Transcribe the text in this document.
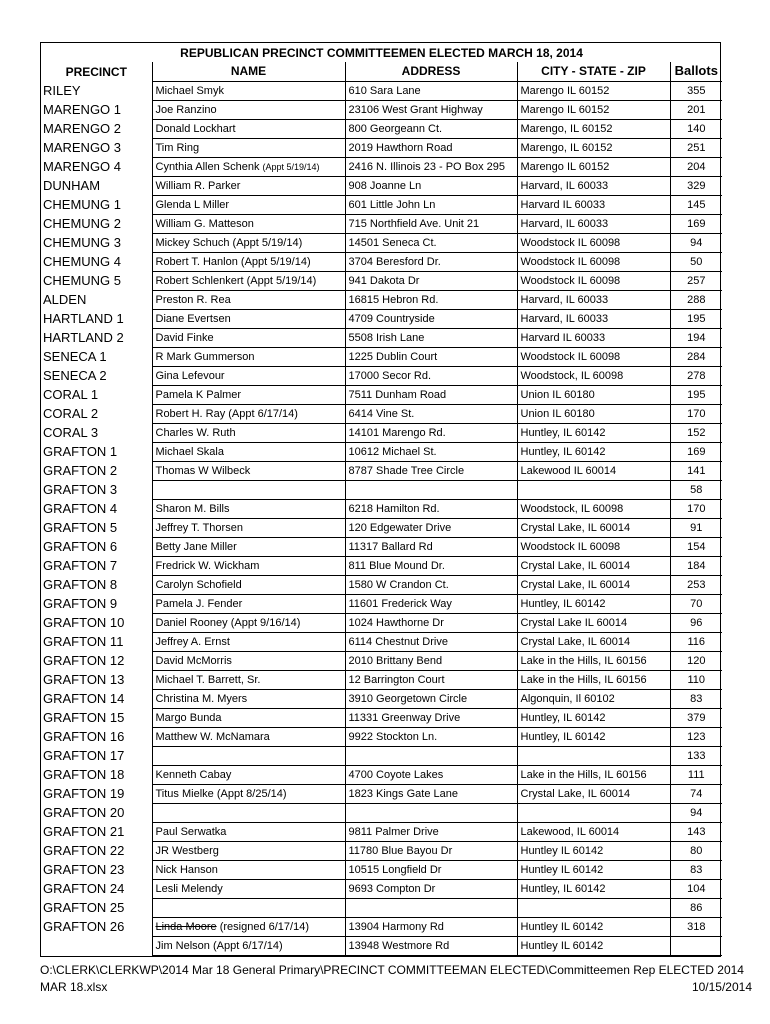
REPUBLICAN PRECINCT COMMITTEEMEN ELECTED MARCH 18, 2014				
PRECINCT	NAME	ADDRESS	CITY - STATE - ZIP	Ballots
RILEY	Michael Smyk	610 Sara Lane	Marengo IL 60152	355
MARENGO 1	Joe Ranzino	23106 West Grant Highway	Marengo IL 60152	201
MARENGO 2	Donald Lockhart	800 Georgeann Ct.	Marengo, IL 60152	140
MARENGO 3	Tim Ring	2019 Hawthorn Road	Marengo, IL 60152	251
MARENGO 4	Cynthia Allen Schenk (Appt 5/19/14)	2416 N. Illinois 23 - PO Box 295	Marengo IL 60152	204
DUNHAM	William R. Parker	908 Joanne Ln	Harvard, IL 60033	329
CHEMUNG 1	Glenda L Miller	601 Little John Ln	Harvard IL 60033	145
CHEMUNG 2	William G. Matteson	715 Northfield Ave. Unit 21	Harvard, IL 60033	169
CHEMUNG 3	Mickey Schuch (Appt 5/19/14)	14501 Seneca Ct.	Woodstock IL 60098	94
CHEMUNG 4	Robert T. Hanlon (Appt 5/19/14)	3704 Beresford Dr.	Woodstock IL 60098	50
CHEMUNG 5	Robert Schlenkert (Appt 5/19/14)	941 Dakota Dr	Woodstock IL 60098	257
ALDEN	Preston R. Rea	16815 Hebron Rd.	Harvard, IL 60033	288
HARTLAND 1	Diane Evertsen	4709 Countryside	Harvard, IL 60033	195
HARTLAND 2	David Finke	5508 Irish Lane	Harvard IL 60033	194
SENECA 1	R Mark Gummerson	1225 Dublin Court	Woodstock IL 60098	284
SENECA 2	Gina Lefevour	17000 Secor Rd.	Woodstock, IL 60098	278
CORAL 1	Pamela K Palmer	7511 Dunham Road	Union IL 60180	195
CORAL 2	Robert H. Ray (Appt 6/17/14)	6414 Vine St.	Union IL 60180	170
CORAL 3	Charles W. Ruth	14101 Marengo Rd.	Huntley, IL 60142	152
GRAFTON 1	Michael Skala	10612 Michael St.	Huntley, IL 60142	169
GRAFTON 2	Thomas W Wilbeck	8787 Shade Tree Circle	Lakewood IL 60014	141
GRAFTON 3				58
GRAFTON 4	Sharon M. Bills	6218 Hamilton Rd.	Woodstock, IL 60098	170
GRAFTON 5	Jeffrey T. Thorsen	120 Edgewater Drive	Crystal Lake, IL 60014	91
GRAFTON 6	Betty Jane Miller	11317 Ballard Rd	Woodstock IL 60098	154
GRAFTON 7	Fredrick W. Wickham	811 Blue Mound Dr.	Crystal Lake, IL 60014	184
GRAFTON 8	Carolyn Schofield	1580 W Crandon Ct.	Crystal Lake, IL 60014	253
GRAFTON 9	Pamela J. Fender	11601 Frederick Way	Huntley, IL 60142	70
GRAFTON 10	Daniel Rooney (Appt 9/16/14)	1024 Hawthorne Dr	Crystal Lake IL 60014	96
GRAFTON 11	Jeffrey A. Ernst	6114 Chestnut Drive	Crystal Lake, IL 60014	116
GRAFTON 12	David McMorris	2010 Brittany Bend	Lake in the Hills, IL 60156	120
GRAFTON 13	Michael T. Barrett, Sr.	12 Barrington Court	Lake in the Hills, IL 60156	110
GRAFTON 14	Christina M. Myers	3910 Georgetown Circle	Algonquin, Il 60102	83
GRAFTON 15	Margo Bunda	11331 Greenway Drive	Huntley, IL 60142	379
GRAFTON 16	Matthew W. McNamara	9922 Stockton Ln.	Huntley, IL 60142	123
GRAFTON 17				133
GRAFTON 18	Kenneth Cabay	4700 Coyote Lakes	Lake in the Hills, IL 60156	111
GRAFTON 19	Titus Mielke (Appt 8/25/14)	1823 Kings Gate Lane	Crystal Lake, IL 60014	74
GRAFTON 20				94
GRAFTON 21	Paul Serwatka	9811 Palmer Drive	Lakewood, IL 60014	143
GRAFTON 22	JR Westberg	11780 Blue Bayou Dr	Huntley IL 60142	80
GRAFTON 23	Nick Hanson	10515 Longfield Dr	Huntley IL 60142	83
GRAFTON 24	Lesli Melendy	9693 Compton Dr	Huntley, IL 60142	104
GRAFTON 25				86
GRAFTON 26	Linda Moore (resigned 6/17/14)	13904 Harmony Rd	Huntley IL 60142	318
	Jim Nelson (Appt 6/17/14)	13948 Westmore Rd	Huntley IL 60142	
O:\CLERK\CLERKWP\2014 Mar 18 General Primary\PRECINCT COMMITTEEMAN ELECTED\Committeemen Rep ELECTED 2014
MAR 18.xlsx	10/15/2014
